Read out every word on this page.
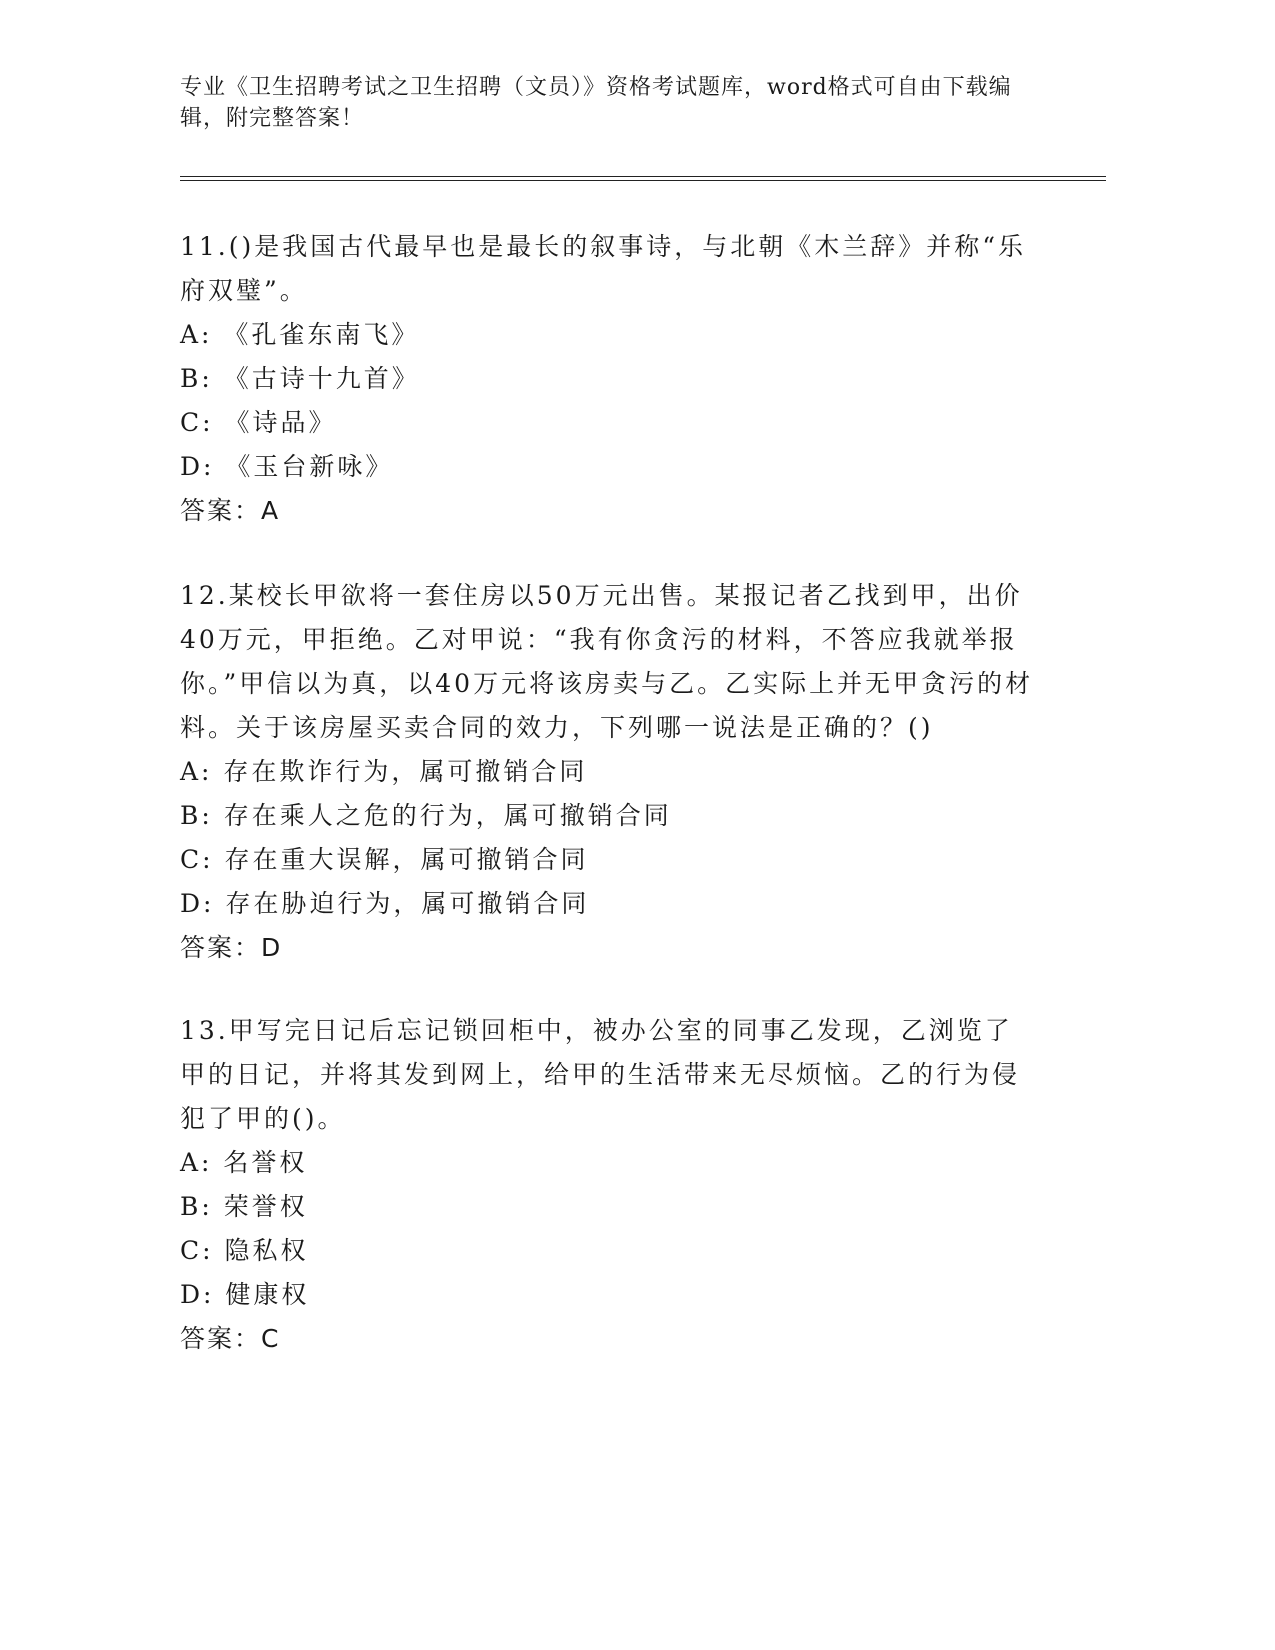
专业《卫生招聘考试之卫生招聘（文员）》资格考试题库，word格式可自由下载编辑，附完整答案！
11.()是我国古代最早也是最长的叙事诗，与北朝《木兰辞》并称“乐府双璧”。
A: 《孔雀东南飞》
B: 《古诗十九首》
C: 《诗品》
D: 《玉台新咏》
答案：A
12.某校长甲欲将一套住房以50万元出售。某报记者乙找到甲，出价40万元，甲拒绝。乙对甲说：“我有你贪污的材料，不答应我就举报你。”甲信以为真，以40万元将该房卖与乙。乙实际上并无甲贪污的材料。关于该房屋买卖合同的效力，下列哪一说法是正确的？()
A: 存在欺诈行为，属可撤销合同
B: 存在乘人之危的行为，属可撤销合同
C: 存在重大误解，属可撤销合同
D: 存在胁迫行为，属可撤销合同
答案：D
13.甲写完日记后忘记锁回柜中，被办公室的同事乙发现，乙浏览了甲的日记，并将其发到网上，给甲的生活带来无尽烦恼。乙的行为侵犯了甲的()。
A: 名誉权
B: 荣誉权
C: 隐私权
D: 健康权
答案：C
